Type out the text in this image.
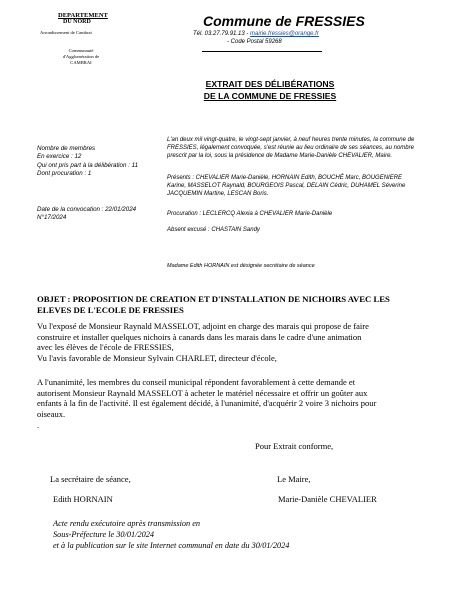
DEPARTEMENT
DU NORD
Arrondissement de Cambrai
Communauté
d'Agglomération de
CAMBRAI
Commune de FRESSIES
Tél. 03.27.79.91.13 - mairie.fressies@orange.fr
- Code Postal 59268
EXTRAIT DES DÉLIBÉRATIONS
DE LA COMMUNE DE FRESSIES
Nombre de membres
En exercice : 12
Qui ont pris part à la délibération : 11
Dont procuration : 1
Date de la convocation : 22/01/2024
N°17/2024
L'an deux mil vingt-quatre, le vingt-sept janvier, à neuf heures trente minutes, la commune de FRESSIES, légalement convoquée, s'est réunie au lieu ordinaire de ses séances, au nombre prescrit par la loi, sous la présidence de Madame Marie-Danièle CHEVALIER, Maire.
Présents : CHEVALIER Marie-Danièle, HORNAIN Edith, BOUCHÉ Marc, BOUGENIERE Karine, MASSELOT Raynald, BOURGEOIS Pascal, DELAIN Cédric, DUHAMEL Séverine JACQUEMIN Martine, LESCAN Boris.
Procuration : LECLERCQ Alexia à CHEVALIER Marie-Danièle
Absent excusé : CHASTAIN Sandy
Madame Edith HORNAIN est désignée secrétaire de séance
OBJET : PROPOSITION DE CREATION ET D'INSTALLATION DE NICHOIRS AVEC LES ELEVES DE L'ECOLE DE FRESSIES
Vu l'exposé de Monsieur Raynald MASSELOT, adjoint en charge des marais qui propose de faire
construire et installer quelques nichoirs à canards dans les marais dans le cadre d'une animation
avec les élèves de l'école de FRESSIES,
Vu l'avis favorable de Monsieur Sylvain CHARLET, directeur d'école,
A l'unanimité, les membres du conseil municipal répondent favorablement à cette demande et
autorisent Monsieur Raynald MASSELOT à acheter le matériel nécessaire et offrir un goûter aux
enfants à la fin de l'activité. Il est également décidé, à l'unanimité, d'acquérir 2 voire 3 nichoirs pour
oiseaux.
.
Pour Extrait conforme,
La secrétaire de séance,	Le Maire,
Edith HORNAIN	Marie-Danièle CHEVALIER
Acte rendu exécutoire après transmission en
Sous-Préfecture le 30/01/2024
et à la publication sur le site Internet communal en date du 30/01/2024
